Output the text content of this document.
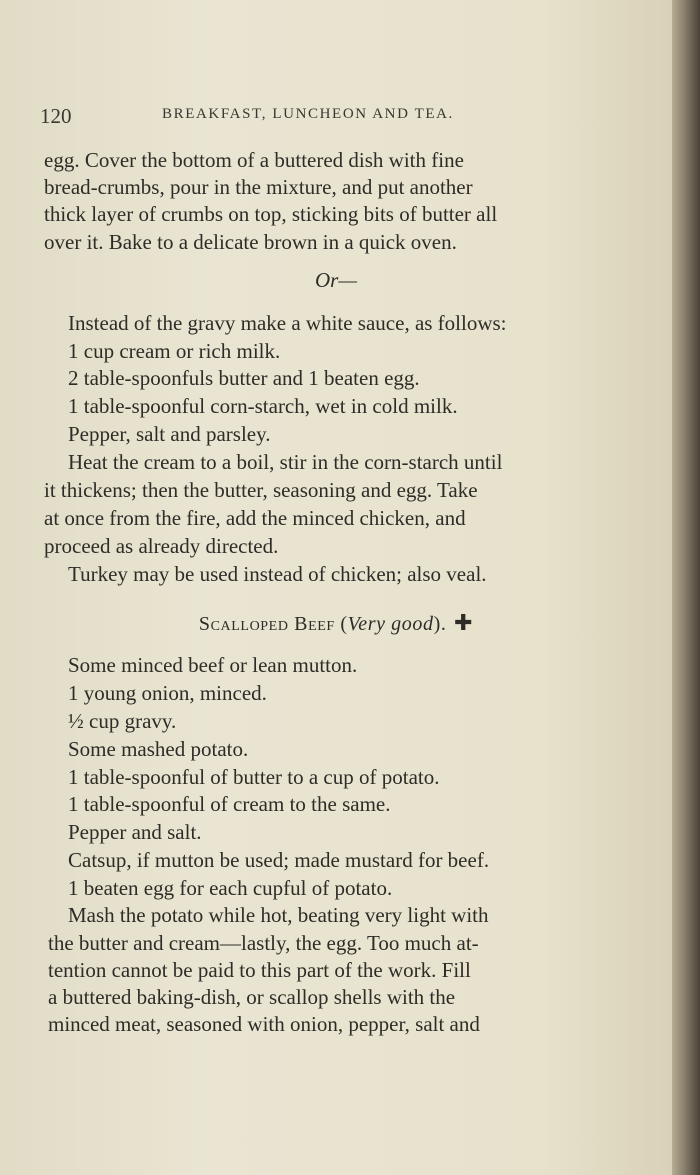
120	BREAKFAST, LUNCHEON AND TEA.
egg. Cover the bottom of a buttered dish with fine
bread-crumbs, pour in the mixture, and put another
thick layer of crumbs on top, sticking bits of butter all
over it. Bake to a delicate brown in a quick oven.
Or—
Instead of the gravy make a white sauce, as follows:
1 cup cream or rich milk.
2 table-spoonfuls butter and 1 beaten egg.
1 table-spoonful corn-starch, wet in cold milk.
Pepper, salt and parsley.
Heat the cream to a boil, stir in the corn-starch until
it thickens; then the butter, seasoning and egg. Take
at once from the fire, add the minced chicken, and
proceed as already directed.
Turkey may be used instead of chicken; also veal.
Scalloped Beef (Very good). ✚
Some minced beef or lean mutton.
1 young onion, minced.
½ cup gravy.
Some mashed potato.
1 table-spoonful of butter to a cup of potato.
1 table-spoonful of cream to the same.
Pepper and salt.
Catsup, if mutton be used; made mustard for beef.
1 beaten egg for each cupful of potato.
Mash the potato while hot, beating very light with
the butter and cream—lastly, the egg. Too much at-
tention cannot be paid to this part of the work. Fill
a buttered baking-dish, or scallop shells with the
minced meat, seasoned with onion, pepper, salt and
